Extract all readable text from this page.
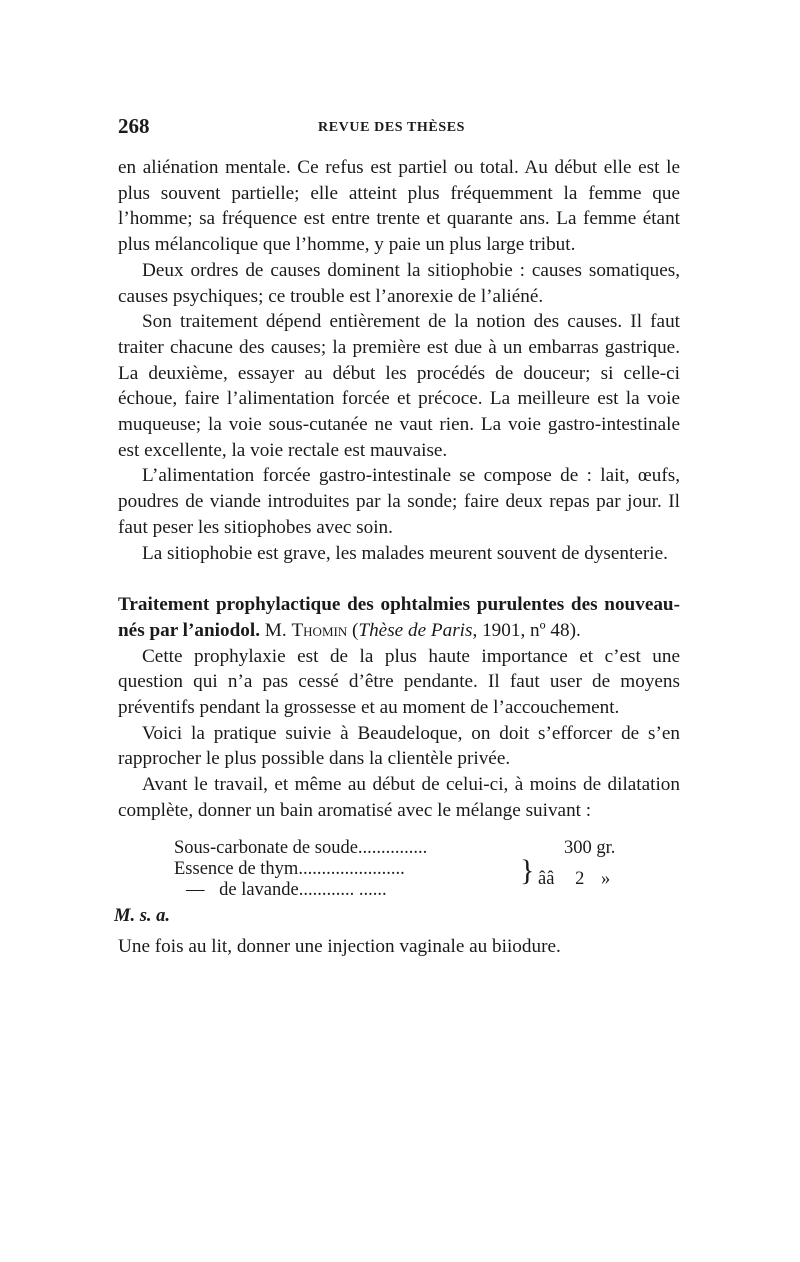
268	REVUE DES THÈSES

en aliénation mentale. Ce refus est partiel ou total. Au début elle est le plus souvent partielle; elle atteint plus fréquemment la femme que l’homme; sa fréquence est entre trente et quarante ans. La femme étant plus mélancolique que l’homme, y paie un plus large tribut.

Deux ordres de causes dominent la sitiophobie : causes somatiques, causes psychiques; ce trouble est l’anorexie de l’aliéné.

Son traitement dépend entièrement de la notion des causes. Il faut traiter chacune des causes; la première est due à un embarras gastrique. La deuxième, essayer au début les procédés de douceur; si celle-ci échoue, faire l’alimentation forcée et précoce. La meilleure est la voie muqueuse; la voie sous-cutanée ne vaut rien. La voie gastro-intestinale est excellente, la voie rectale est mauvaise.

L’alimentation forcée gastro-intestinale se compose de : lait, œufs, poudres de viande introduites par la sonde; faire deux repas par jour. Il faut peser les sitiophobes avec soin.

La sitiophobie est grave, les malades meurent souvent de dysenterie.

Traitement prophylactique des ophtalmies purulentes des nouveau-nés par l’aniodol. M. Thomin (Thèse de Paris, 1901, nº 48).

Cette prophylaxie est de la plus haute importance et c’est une question qui n’a pas cessé d’être pendante. Il faut user de moyens préventifs pendant la grossesse et au moment de l’accouchement.

Voici la pratique suivie à Beaudeloque, on doit s’efforcer de s’en rapprocher le plus possible dans la clientèle privée.

Avant le travail, et même au début de celui-ci, à moins de dilatation complète, donner un bain aromatisé avec le mélange suivant :

Sous-carbonate de soude...............	300 gr.
Essence de thym.......................
— de lavande............ ......
} ââ 2 »
M. s. a.

Une fois au lit, donner une injection vaginale au biiodure.
